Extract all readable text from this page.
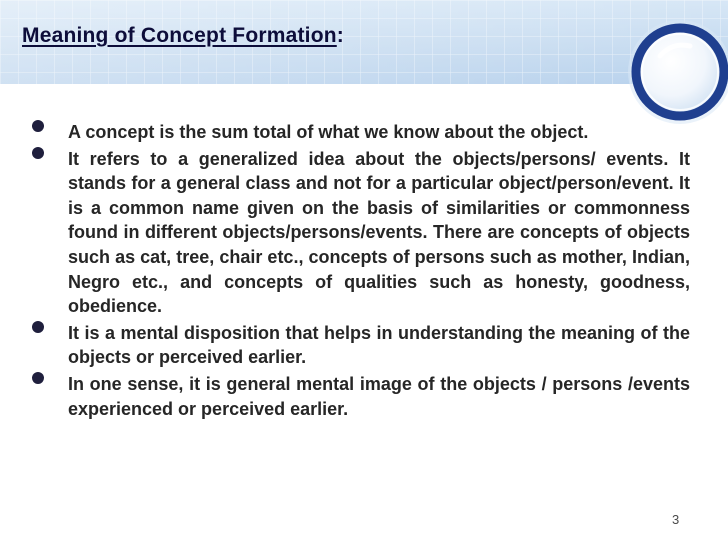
Meaning of Concept Formation:
A concept is the sum total of what we know about the object.
It refers to a generalized idea about the objects/persons/ events. It stands for a general class and not for a particular object/person/event. It is a common name given on the basis of similarities or commonness found in different objects/persons/events. There are concepts of objects such as cat, tree, chair etc., concepts of persons such as mother, Indian, Negro etc., and concepts of qualities such as honesty, goodness, obedience.
It is a mental disposition that helps in understanding the meaning of the objects or perceived earlier.
In one sense, it is general mental image of the objects / persons /events experienced or perceived earlier.
3
